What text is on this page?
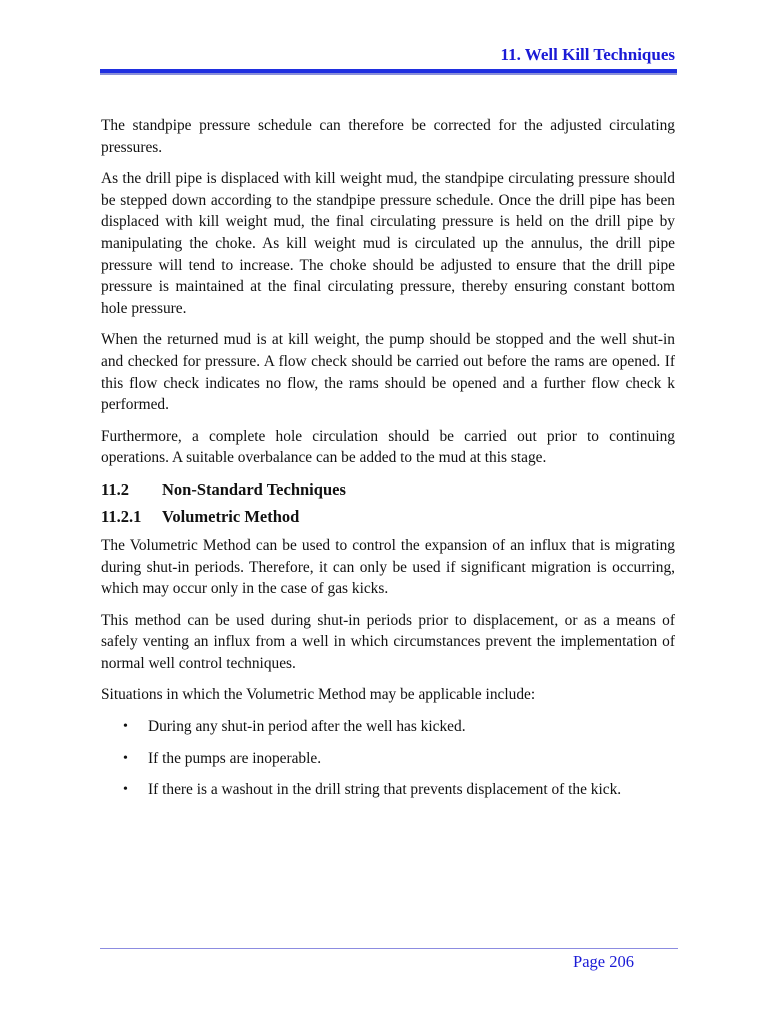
11. Well Kill Techniques

The standpipe pressure schedule can therefore be corrected for the adjusted circulating pressures.

As the drill pipe is displaced with kill weight mud, the standpipe circulating pressure should be stepped down according to the standpipe pressure schedule. Once the drill pipe has been displaced with kill weight mud, the final circulating pressure is held on the drill pipe by manipulating the choke. As kill weight mud is circulated up the annulus, the drill pipe pressure will tend to increase. The choke should be adjusted to ensure that the drill pipe pressure is maintained at the final circulating pressure, thereby ensuring constant bottom hole pressure.

When the returned mud is at kill weight, the pump should be stopped and the well shut-in and checked for pressure. A flow check should be carried out before the rams are opened. If this flow check indicates no flow, the rams should be opened and a further flow check k performed.

Furthermore, a complete hole circulation should be carried out prior to continuing operations. A suitable overbalance can be added to the mud at this stage.

11.2	Non-Standard Techniques
11.2.1	Volumetric Method

The Volumetric Method can be used to control the expansion of an influx that is migrating during shut-in periods. Therefore, it can only be used if significant migration is occurring, which may occur only in the case of gas kicks.

This method can be used during shut-in periods prior to displacement, or as a means of safely venting an influx from a well in which circumstances prevent the implementation of normal well control techniques.

Situations in which the Volumetric Method may be applicable include:

•	During any shut-in period after the well has kicked.
•	If the pumps are inoperable.
•	If there is a washout in the drill string that prevents displacement of the kick.
Page 206
